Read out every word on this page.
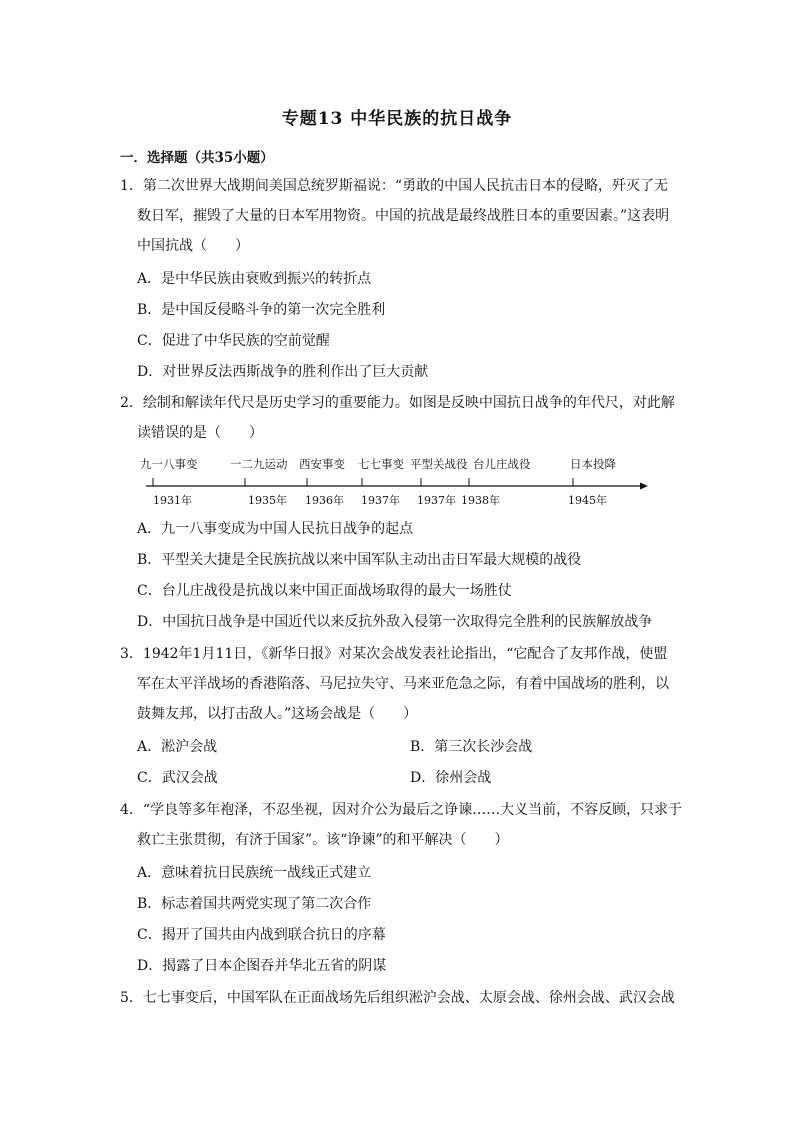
专题13 中华民族的抗日战争
一．选择题（共35小题）
1．第二次世界大战期间美国总统罗斯福说：“勇敢的中国人民抗击日本的侵略，歼灭了无
数日军，摧毁了大量的日本军用物资。中国的抗战是最终战胜日本的重要因素。”这表明
中国抗战（　　）
A．是中华民族由衰败到振兴的转折点
B．是中国反侵略斗争的第一次完全胜利
C．促进了中华民族的空前觉醒
D．对世界反法西斯战争的胜利作出了巨大贡献
2．绘制和解读年代尺是历史学习的重要能力。如图是反映中国抗日战争的年代尺，对此解
读错误的是（　　）
九一八事变	一二九运动 西安事变 七七事变 平型关战役 台儿庄战役	日本投降
1931年	1935年 1936年 1937年 1937年 1938年	1945年
A．九一八事变成为中国人民抗日战争的起点
B．平型关大捷是全民族抗战以来中国军队主动出击日军最大规模的战役
C．台儿庄战役是抗战以来中国正面战场取得的最大一场胜仗
D．中国抗日战争是中国近代以来反抗外敌入侵第一次取得完全胜利的民族解放战争
3．1942年1月11日，《新华日报》对某次会战发表社论指出，“它配合了友邦作战，使盟
军在太平洋战场的香港陷落、马尼拉失守、马来亚危急之际，有着中国战场的胜利，以
鼓舞友邦，以打击敌人。”这场会战是（　　）
A．淞沪会战	B．第三次长沙会战
C．武汉会战	D．徐州会战
4．“学良等多年袍泽，不忍坐视，因对介公为最后之诤谏……大义当前，不容反顾，只求于
救亡主张贯彻，有济于国家”。该“诤谏”的和平解决（　　）
A．意味着抗日民族统一战线正式建立
B．标志着国共两党实现了第二次合作
C．揭开了国共由内战到联合抗日的序幕
D．揭露了日本企图吞并华北五省的阴谋
5．七七事变后，中国军队在正面战场先后组织淞沪会战、太原会战、徐州会战、武汉会战
